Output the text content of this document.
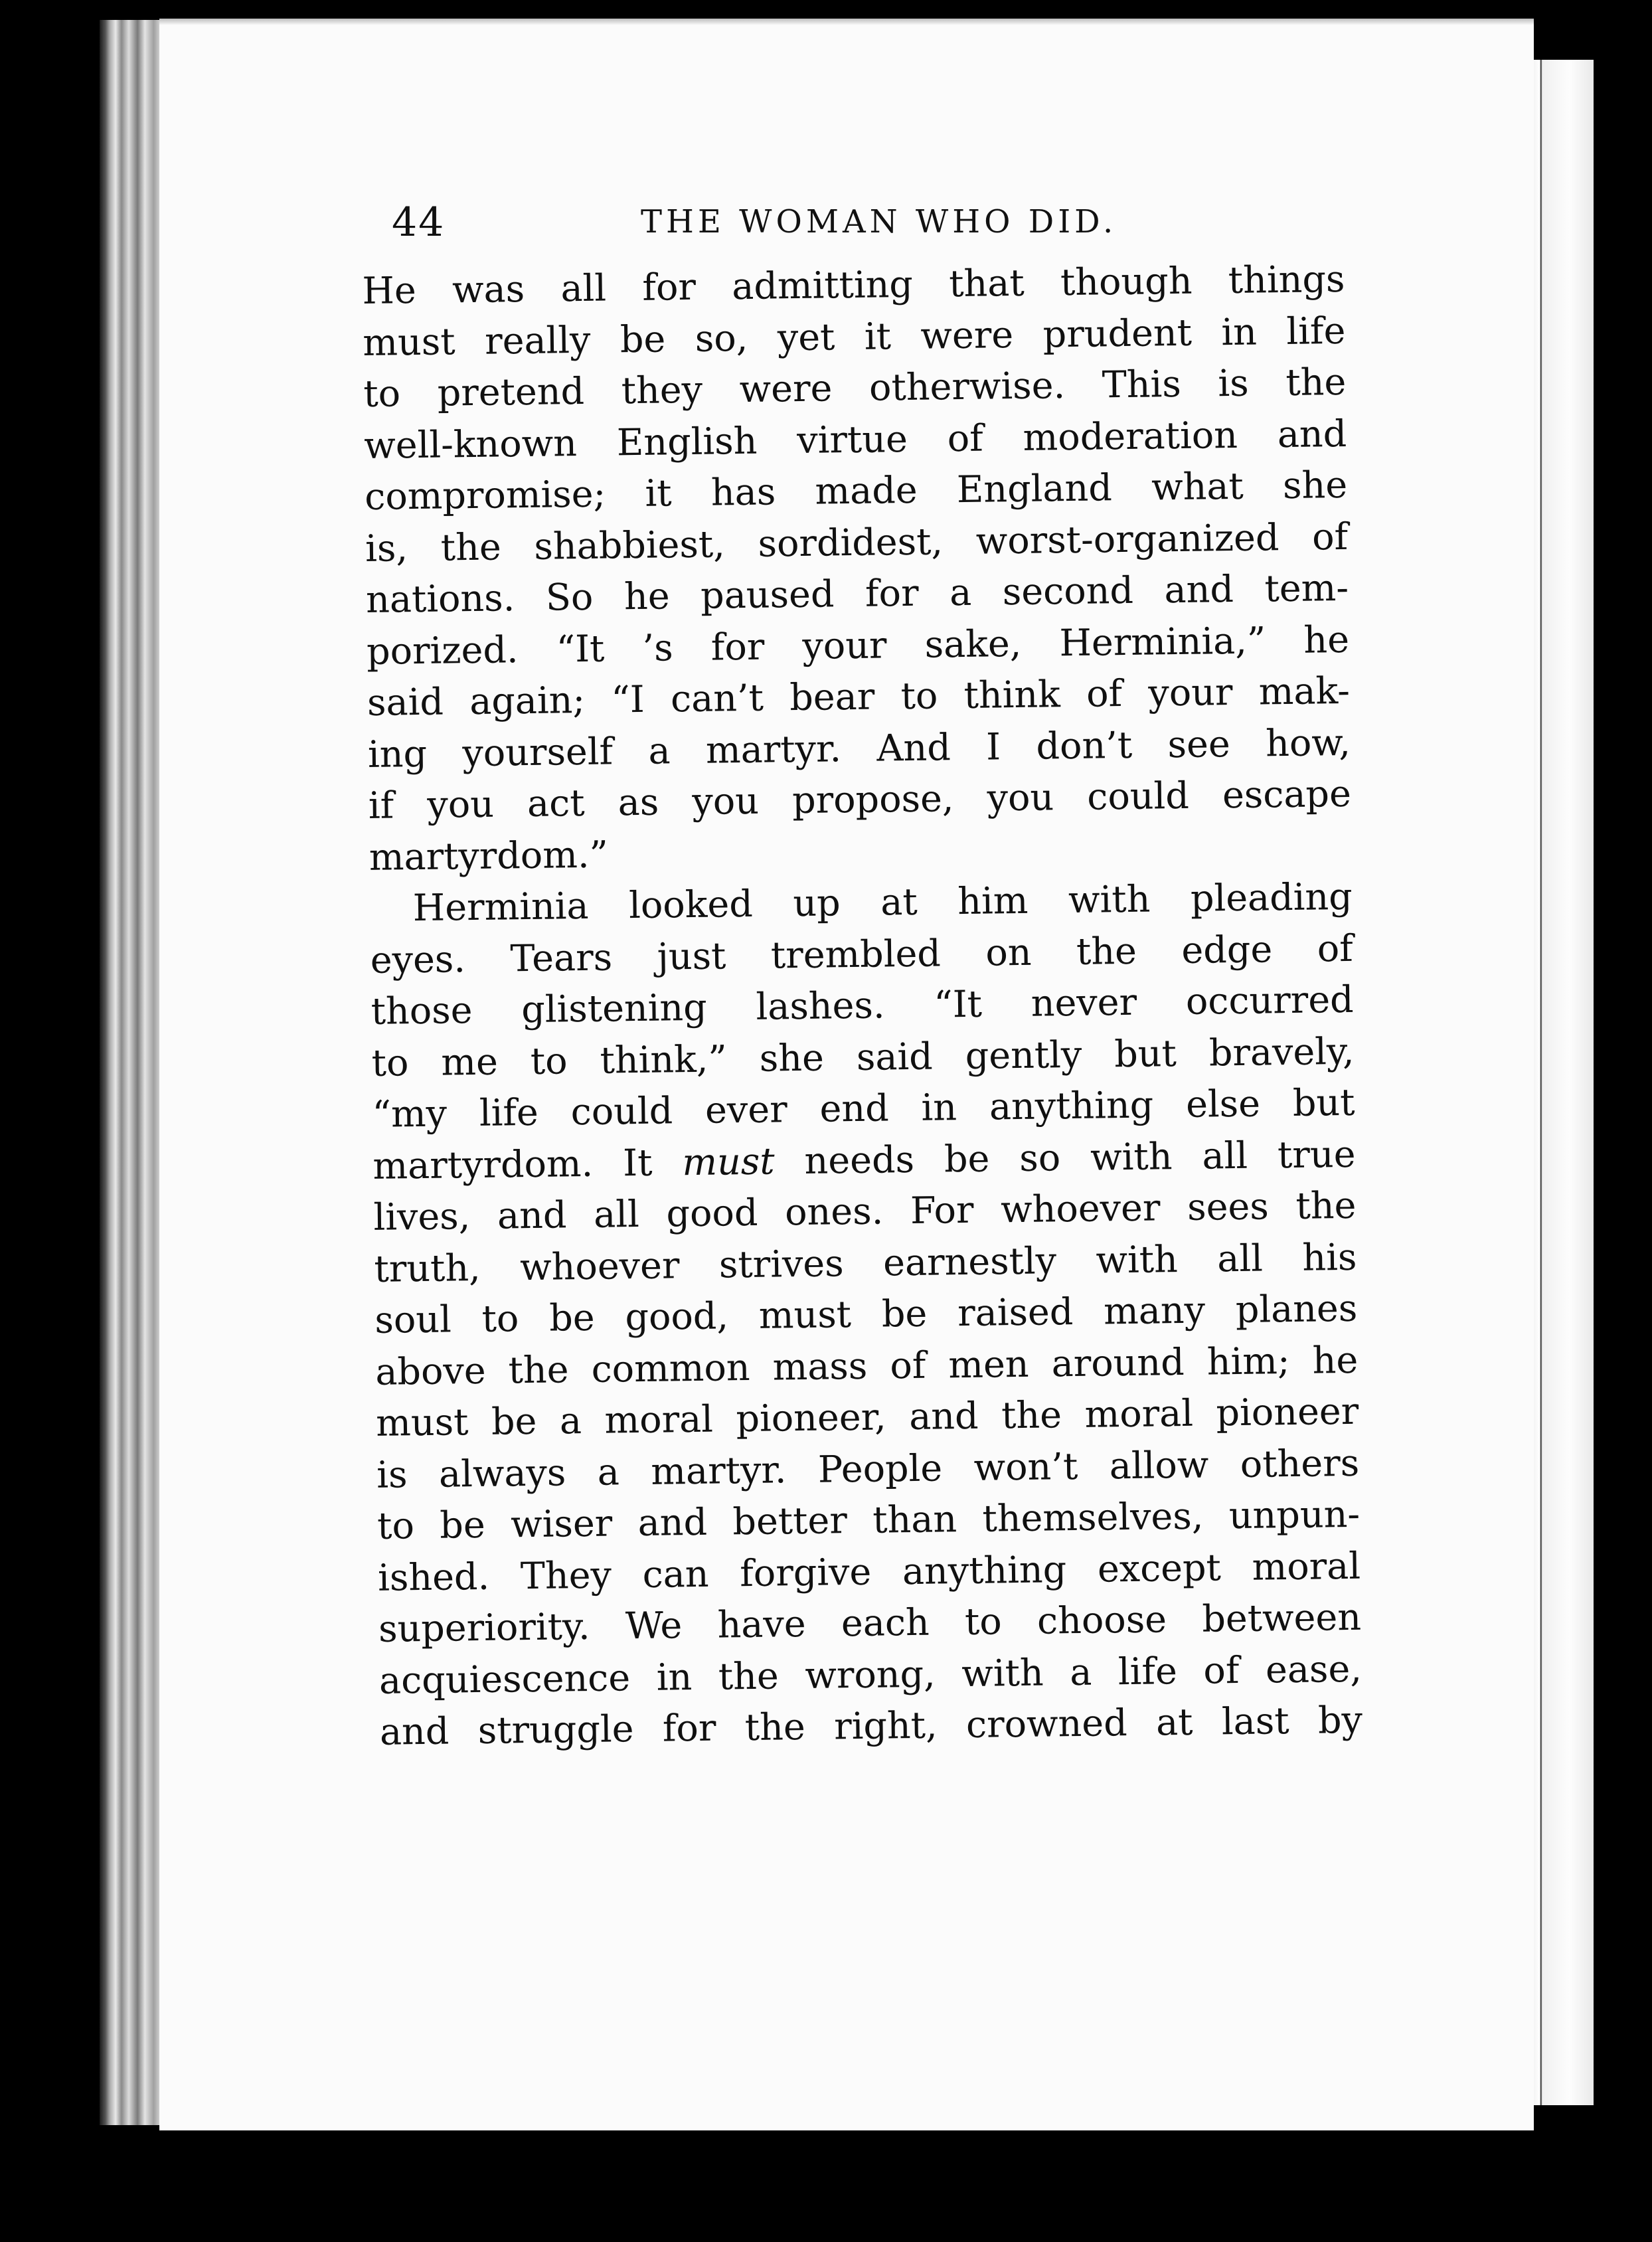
44	THE WOMAN WHO DID.
He was all for admitting that though things
must really be so, yet it were prudent in life
to pretend they were otherwise. This is the
well-known English virtue of moderation and
compromise; it has made England what she
is, the shabbiest, sordidest, worst-organized of
nations. So he paused for a second and tem-
porized. “It ’s for your sake, Herminia,” he
said again; “I can’t bear to think of your mak-
ing yourself a martyr. And I don’t see how,
if you act as you propose, you could escape
martyrdom.”
Herminia looked up at him with pleading
eyes. Tears just trembled on the edge of
those glistening lashes. “It never occurred
to me to think,” she said gently but bravely,
“my life could ever end in anything else but
martyrdom. It must needs be so with all true
lives, and all good ones. For whoever sees the
truth, whoever strives earnestly with all his
soul to be good, must be raised many planes
above the common mass of men around him; he
must be a moral pioneer, and the moral pioneer
is always a martyr. People won’t allow others
to be wiser and better than themselves, unpun-
ished. They can forgive anything except moral
superiority. We have each to choose between
acquiescence in the wrong, with a life of ease,
and struggle for the right, crowned at last by
